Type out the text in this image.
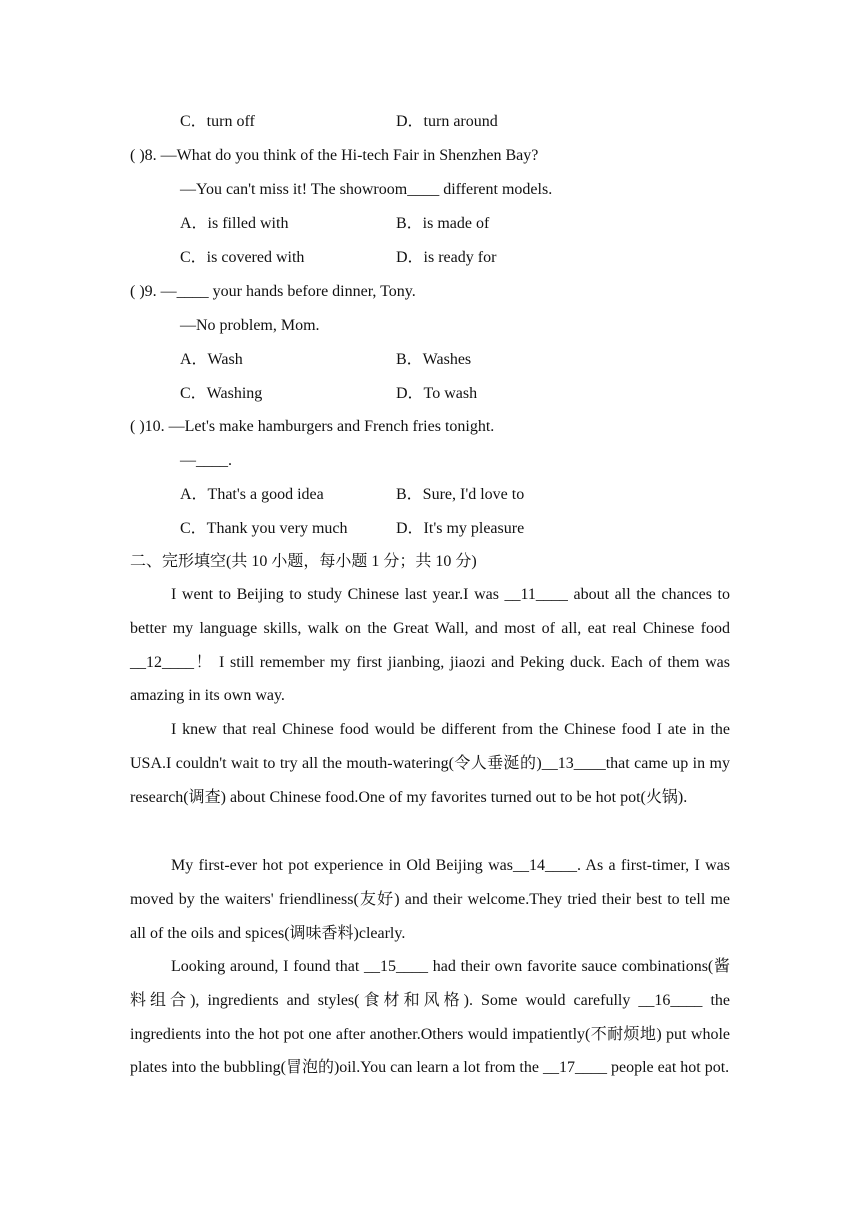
C．turn off	D．turn around
( )8. —What do you think of the Hi-tech Fair in Shenzhen Bay?
—You can't miss it! The showroom____ different models.
A．is filled with	B．is made of
C．is covered with	D．is ready for
( )9. —____ your hands before dinner, Tony.
—No problem, Mom.
A．Wash	B．Washes
C．Washing	D．To wash
( )10. —Let's make hamburgers and French fries tonight.
—____.
A．That's a good idea	B．Sure, I'd love to
C．Thank you very much	D．It's my pleasure
二、完形填空(共 10 小题，每小题 1 分；共 10 分)
I went to Beijing to study Chinese last year.I was __11____ about all the chances to better my language skills, walk on the Great Wall, and most of all, eat real Chinese food __12____！ I still remember my first jianbing, jiaozi and Peking duck. Each of them was amazing in its own way.
I knew that real Chinese food would be different from the Chinese food I ate in the USA.I couldn't wait to try all the mouth-watering(令人垂涎的)__13____that came up in my research(调查) about Chinese food.One of my favorites turned out to be hot pot(火锅).
My first-ever hot pot experience in Old Beijing was__14____. As a first-timer, I was moved by the waiters' friendliness(友好) and their welcome.They tried their best to tell me all of the oils and spices(调味香料)clearly.
Looking around, I found that __15____ had their own favorite sauce combinations(酱料组合), ingredients and styles(食材和风格). Some would carefully __16____ the ingredients into the hot pot one after another.Others would impatiently(不耐烦地) put whole plates into the bubbling(冒泡的)oil.You can learn a lot from the __17____ people eat hot pot.
